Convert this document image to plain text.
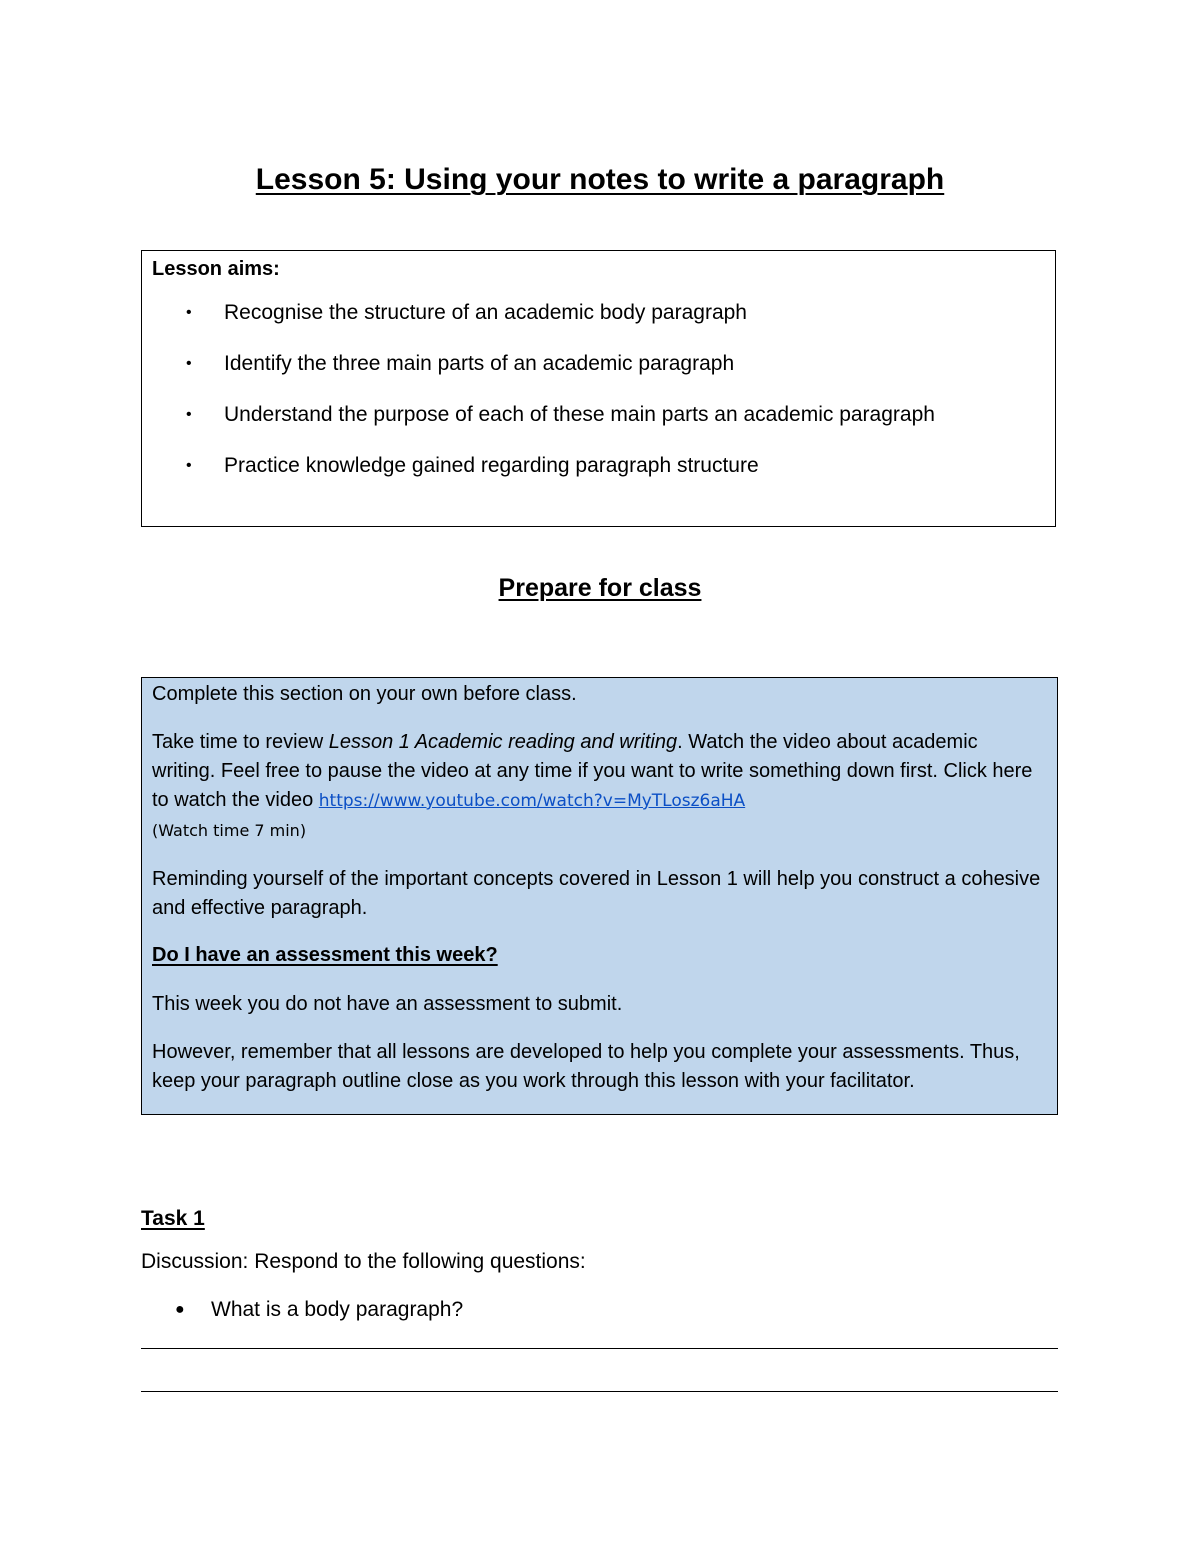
Lesson 5: Using your notes to write a paragraph

Lesson aims:

• Recognise the structure of an academic body paragraph
• Identify the three main parts of an academic paragraph
• Understand the purpose of each of these main parts an academic paragraph
• Practice knowledge gained regarding paragraph structure
Prepare for class

Complete this section on your own before class.

Take time to review Lesson 1 Academic reading and writing. Watch the video about academic writing. Feel free to pause the video at any time if you want to write something down first. Click here to watch the video https://www.youtube.com/watch?v=MyTLosz6aHA
(Watch time 7 min)

Reminding yourself of the important concepts covered in Lesson 1 will help you construct a cohesive and effective paragraph.

Do I have an assessment this week?

This week you do not have an assessment to submit.

However, remember that all lessons are developed to help you complete your assessments. Thus, keep your paragraph outline close as you work through this lesson with your facilitator.

Task 1

Discussion: Respond to the following questions:

● What is a body paragraph?
